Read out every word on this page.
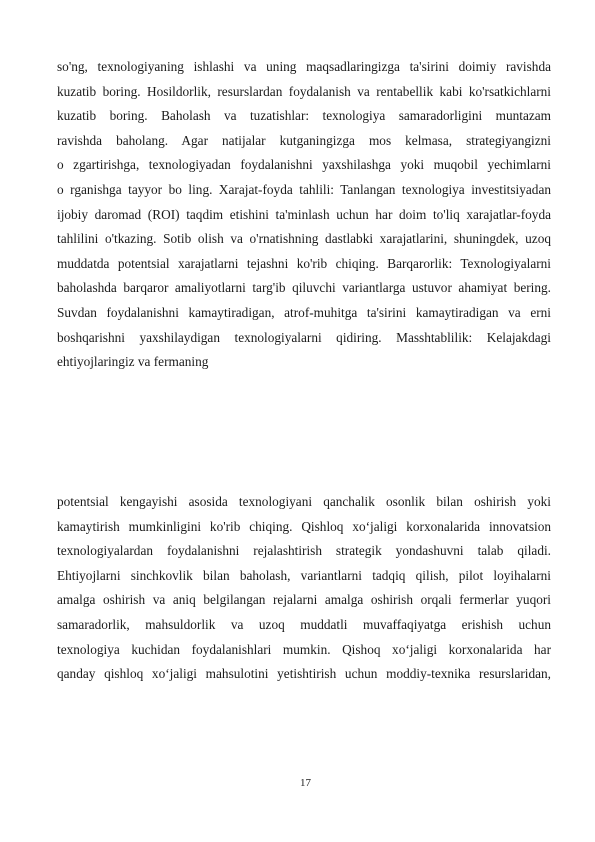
so'ng, texnologiyaning ishlashi va uning maqsadlaringizga ta'sirini doimiy ravishda
kuzatib boring. Hosildorlik, resurslardan foydalanish va rentabellik kabi ko'rsatkichlarni
kuzatib boring. Baholash va tuzatishlar: texnologiya samaradorligini muntazam
ravishda baholang. Agar natijalar kutganingizga mos kelmasa, strategiyangizni
o zgartirishga, texnologiyadan foydalanishni yaxshilashga yoki muqobil yechimlarni
o rganishga tayyor bo ling. Xarajat-foyda tahlili: Tanlangan texnologiya investitsiyadan
ijobiy daromad (ROI) taqdim etishini ta'minlash uchun har doim to'liq xarajatlar-foyda
tahlilini o'tkazing. Sotib olish va o'rnatishning dastlabki xarajatlarini, shuningdek, uzoq
muddatda potentsial xarajatlarni tejashni ko'rib chiqing. Barqarorlik: Texnologiyalarni
baholashda barqaror amaliyotlarni targ'ib qiluvchi variantlarga ustuvor ahamiyat bering.
Suvdan foydalanishni kamaytiradigan, atrof-muhitga ta'sirini kamaytiradigan va erni
boshqarishni yaxshilaydigan texnologiyalarni qidiring. Masshtablilik: Kelajakdagi
ehtiyojlaringiz va fermaning

potentsial kengayishi asosida texnologiyani qanchalik osonlik bilan oshirish yoki
kamaytirish mumkinligini ko'rib chiqing. Qishloq xo‘jaligi korxonalarida innovatsion
texnologiyalardan foydalanishni rejalashtirish strategik yondashuvni talab qiladi.
Ehtiyojlarni sinchkovlik bilan baholash, variantlarni tadqiq qilish, pilot loyihalarni
amalga oshirish va aniq belgilangan rejalarni amalga oshirish orqali fermerlar yuqori
samaradorlik, mahsuldorlik va uzoq muddatli muvaffaqiyatga erishish uchun
texnologiya kuchidan foydalanishlari mumkin. Qishoq xo‘jaligi korxonalarida har
qanday qishloq xo‘jaligi mahsulotini yetishtirish uchun moddiy-texnika resurslaridan,

17
